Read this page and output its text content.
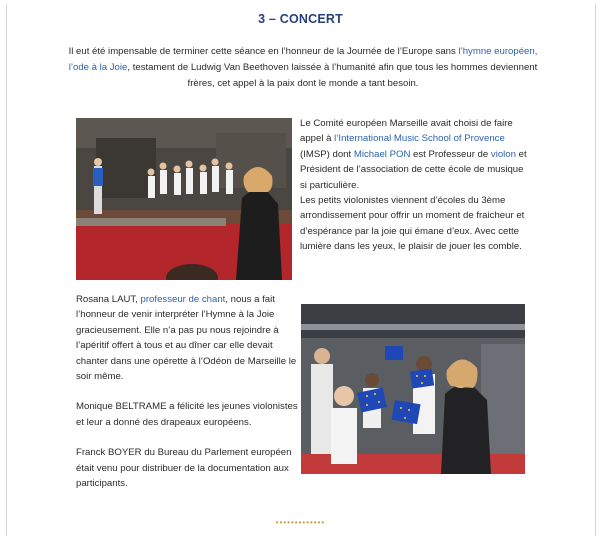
3 – CONCERT
Il eut été impensable de terminer cette séance en l’honneur de la Journée de l’Europe sans l’hymne européen, l’ode à la Joie, testament de Ludwig Van Beethoven laissée à l’humanité afin que tous les hommes deviennent frères, cet appel à la paix dont le monde a tant besoin.

Le Comité européen Marseille avait choisi de faire appel à l’International Music School of Provence (IMSP) dont Michael PON est Professeur de violon et Président de l’association de cette école de musique si particulière.

Les petits violonistes viennent d’écoles du 3ème arrondissement pour offrir un moment de fraicheur et d’espérance par la joie qui émane d’eux. Avec cette lumière dans les yeux, le plaisir de jouer les comble.

Rosana LAUT, professeur de chant, nous a fait l’honneur de venir interpréter l’Hymne à la Joie gracieusement. Elle n’a pas pu nous rejoindre à l’apéritif offert à tous et au dîner car elle devait chanter dans une opérette à l’Odéon de Marseille le soir même.

Monique BELTRAME a félicité les jeunes violonistes et leur a donné des drapeaux européens.

Franck BOYER du Bureau du Parlement européen était venu pour distribuer de la documentation aux participants.

•••••••••••••
